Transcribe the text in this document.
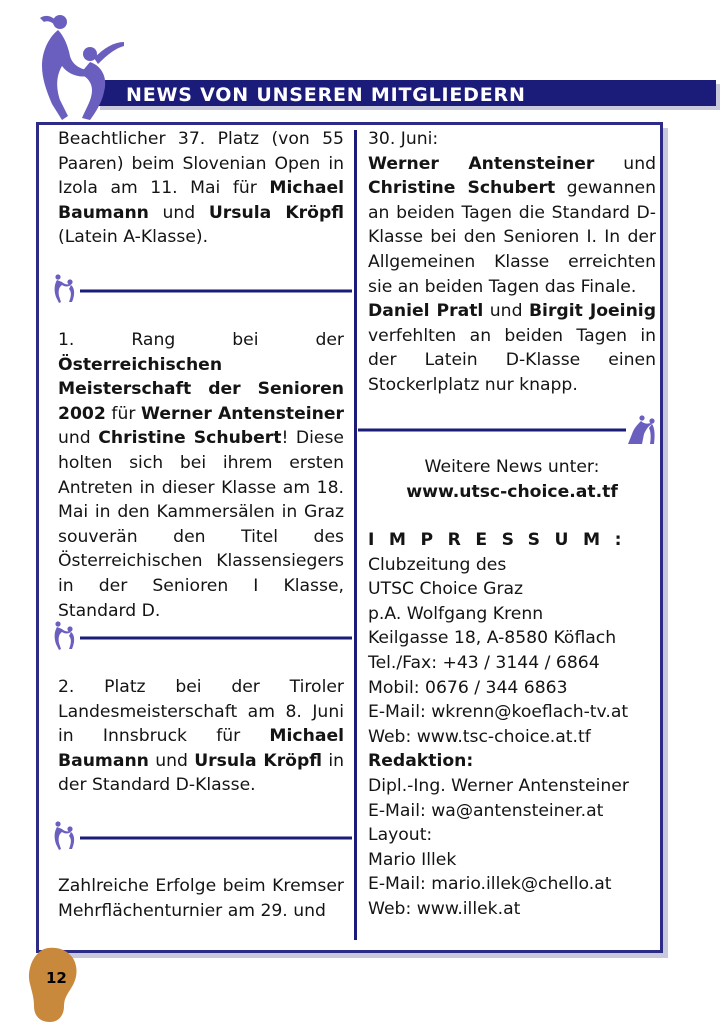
NEWS VON UNSEREN MITGLIEDERN

Beachtlicher 37. Platz (von 55 Paaren) beim Slovenian Open in Izola am 11. Mai für Michael Baumann und Ursula Kröpfl (Latein A-Klasse).

1. Rang bei der Österreichischen Meisterschaft der Senioren 2002 für Werner Antensteiner und Christine Schubert! Diese holten sich bei ihrem ersten Antreten in dieser Klasse am 18. Mai in den Kammersälen in Graz souverän den Titel des Österreichischen Klassensiegers in der Senioren I Klasse, Standard D.

2. Platz bei der Tiroler Landesmeisterschaft am 8. Juni in Innsbruck für Michael Baumann und Ursula Kröpfl in der Standard D-Klasse.

Zahlreiche Erfolge beim Kremser Mehrflächenturnier am 29. und

30. Juni:

Werner Antensteiner und Christine Schubert gewannen an beiden Tagen die Standard D-Klasse bei den Senioren I. In der Allgemeinen Klasse erreichten sie an beiden Tagen das Finale.

Daniel Pratl und Birgit Joeinig verfehlten an beiden Tagen in der Latein D-Klasse einen Stockerlplatz nur knapp.

Weitere News unter:
www.utsc-choice.at.tf
IMPRESSUM:
Clubzeitung des
UTSC Choice Graz
p.A. Wolfgang Krenn
Keilgasse 18, A-8580 Köflach
Tel./Fax: +43 / 3144 / 6864
Mobil: 0676 / 344 6863
E-Mail: wkrenn@koeflach-tv.at
Web: www.tsc-choice.at.tf
Redaktion:
Dipl.-Ing. Werner Antensteiner
E-Mail: wa@antensteiner.at
Layout:
Mario Illek
E-Mail: mario.illek@chello.at
Web: www.illek.at
12
